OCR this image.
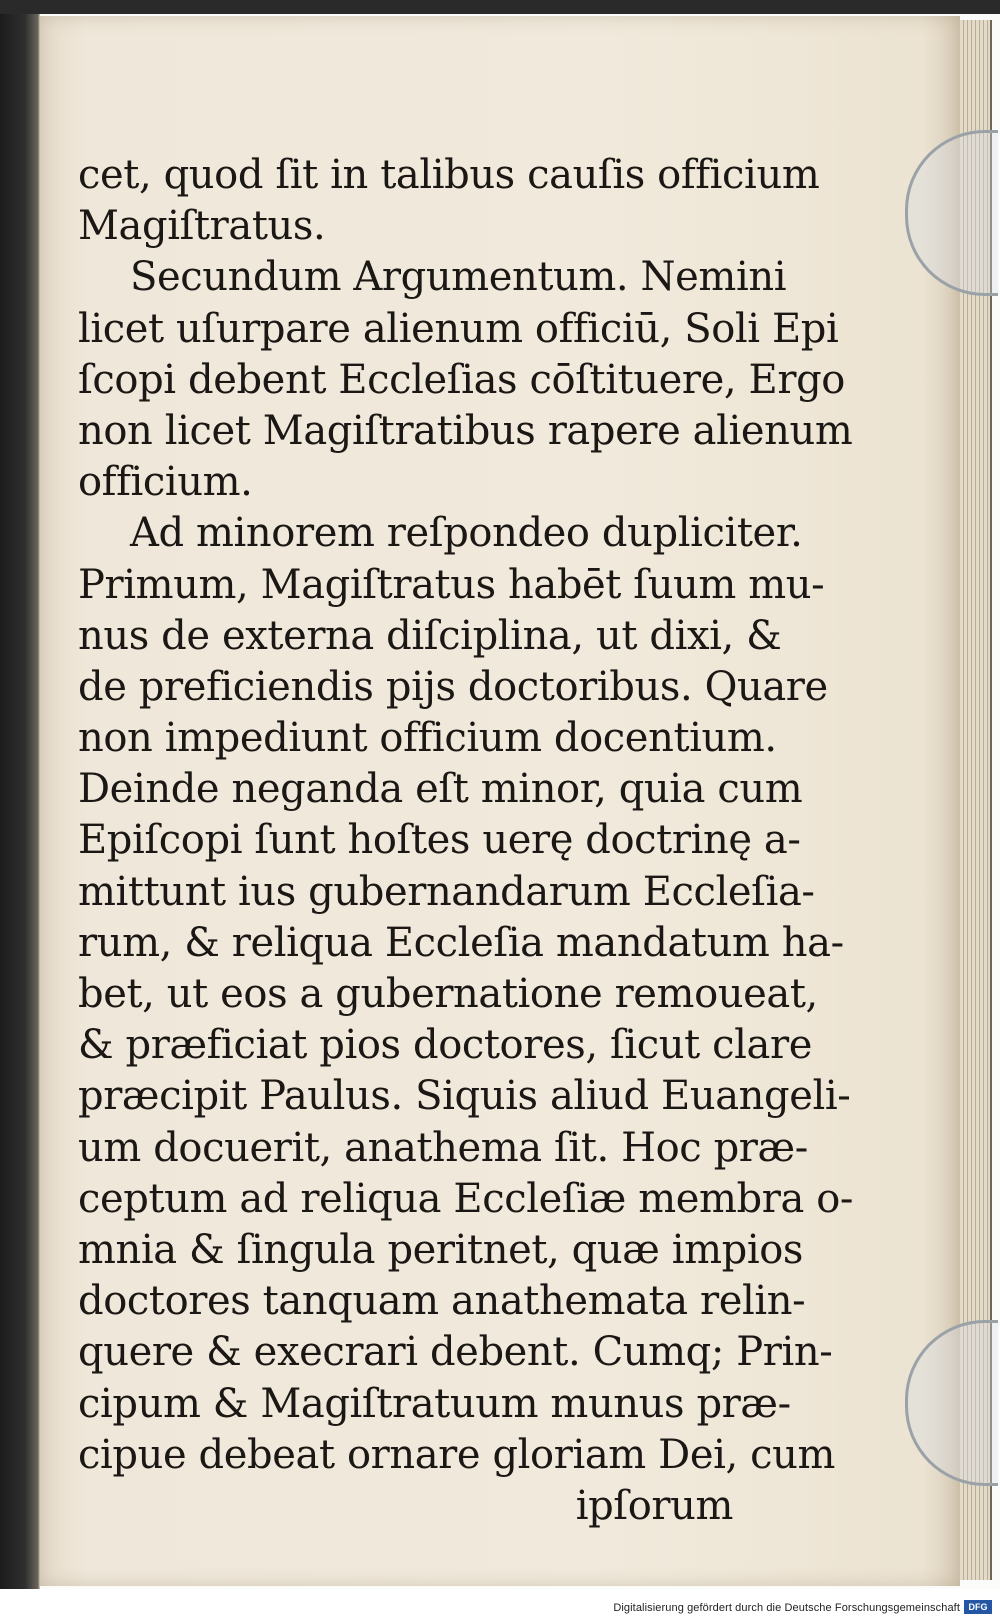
cet, quod ſit in talibus cauſis officium
Magiſtratus.
Secundum Argumentum. Nemini
licet uſurpare alienum officiū, Soli Epi
ſcopi debent Eccleſias cōſtituere, Ergo
non licet Magiſtratibus rapere alienum
officium.
Ad minorem reſpondeo dupliciter.
Primum, Magiſtratus habēt ſuum mu-
nus de externa diſciplina, ut dixi, &
de preficiendis pijs doctoribus. Quare
non impediunt officium docentium.
Deinde neganda eſt minor, quia cum
Epiſcopi ſunt hoſtes uerę doctrinę a-
mittunt ius gubernandarum Eccleſia-
rum, & reliqua Eccleſia mandatum ha-
bet, ut eos a gubernatione remoueat,
& præficiat pios doctores, ſicut clare
præcipit Paulus. Siquis aliud Euangeli-
um docuerit, anathema ſit. Hoc præ-
ceptum ad reliqua Eccleſiæ membra o-
mnia & ſingula peritnet, quæ impios
doctores tanquam anathemata relin-
quere & execrari debent. Cumq; Prin-
cipum & Magiſtratuum munus præ-
cipue debeat ornare gloriam Dei, cum
ipſorum
Digitalisierung gefördert durch die Deutsche Forschungsgemeinschaft DFG
